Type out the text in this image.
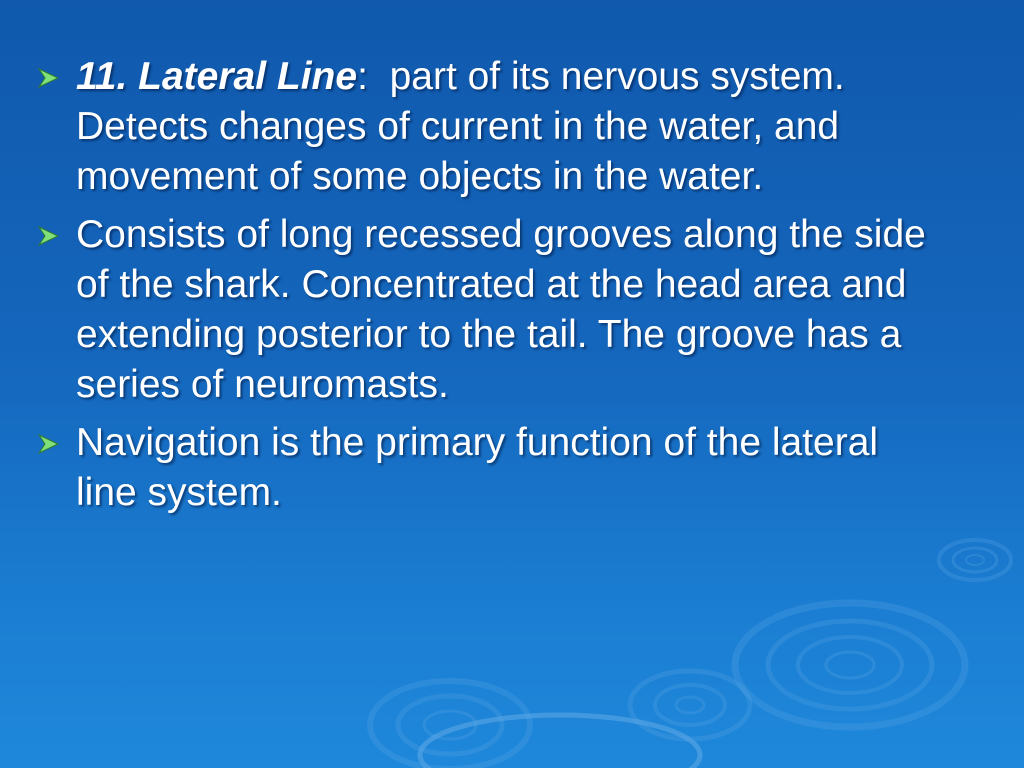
11. Lateral Line:  part of its nervous system.  Detects changes of current in the water, and movement of some objects in the water.
Consists of long recessed grooves along the side of the shark. Concentrated at the head area and extending posterior to the tail. The groove has a series of neuromasts.
Navigation is the primary function of the lateral line system.
